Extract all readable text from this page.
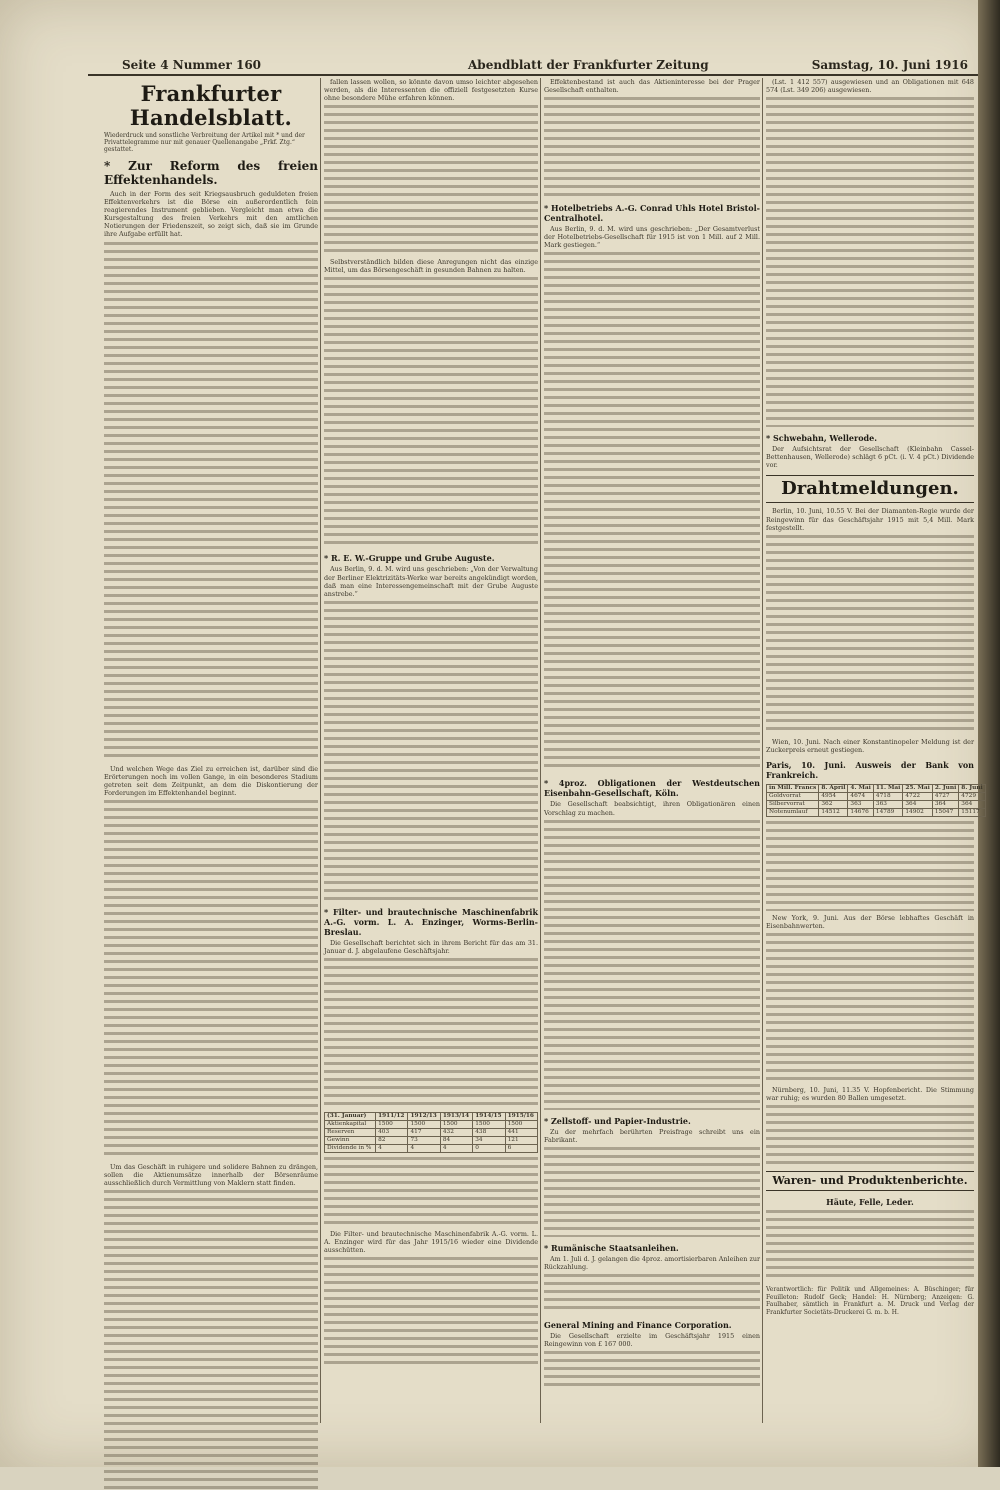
Seite 4 Nummer 160	Abendblatt der Frankfurter Zeitung	Samstag, 10. Juni 1916
Frankfurter Handelsblatt.
Wiederdruck und sonstliche Verbreitung der Artikel mit * und der Privattelegramme nur mit genauer Quellenangabe „Frkf. Ztg.“ gestattet.
* Zur Reform des freien Effektenhandels.

Auch in der Form des seit Kriegsausbruch geduldeten freien Effektenverkehrs ist die Börse ein außerordentlich fein reagierendes Instrument geblieben. Vergleicht man etwa die Kursgestaltung des freien Verkehrs mit den amtlichen Notierungen der Friedenszeit, so zeigt sich, daß sie im Grunde ihre Aufgabe erfüllt hat.

Und welchen Wege das Ziel zu erreichen ist, darüber sind die Erörterungen noch im vollen Gange, in ein besonderes Stadium getreten seit dem Zeitpunkt, an dem die Diskontierung der Forderungen im Effektenhandel beginnt.

Um das Geschäft in ruhigere und solidere Bahnen zu drängen, sollen die Aktienumsätze innerhalb der Börsenräume ausschließlich durch Vermittlung von Maklern statt finden.

fallen lassen wollen, so könnte davon umso leichter abgesehen werden, als die Interessenten die offiziell festgesetzten Kurse ohne besondere Mühe erfahren können.

Selbstverständlich bilden diese Anregungen nicht das einzige Mittel, um das Börsengeschäft in gesunden Bahnen zu halten.

* R. E. W.-Gruppe und Grube Auguste.

Aus Berlin, 9. d. M. wird uns geschrieben: „Von der Verwaltung der Berliner Elektrizitäts-Werke war bereits angekündigt worden, daß man eine Interessengemeinschaft mit der Grube Auguste anstrebe.“

* Filter- und brautechnische Maschinenfabrik A.-G. vorm. L. A. Enzinger, Worms-Berlin-Breslau.

Die Gesellschaft berichtet sich in ihrem Bericht für das am 31. Januar d. J. abgelaufene Geschäftsjahr.

(31. Januar)	1911/12	1912/13	1913/14	1914/15	1915/16
Aktienkapital	1500	1500	1500	1500	1500
Reserven	403	417	432	438	441
Gewinn	82	73	84	34	121
Dividende in %	4	4	4	0	6

Die Filter- und brautechnische Maschinenfabrik A.-G. vorm. L. A. Enzinger wird für das Jahr 1915/16 wieder eine Dividende ausschütten.

Effektenbestand ist auch das Aktieninteresse bei der Prager Gesellschaft enthalten.

* Hotelbetriebs A.-G. Conrad Uhls Hotel Bristol-Centralhotel.

Aus Berlin, 9. d. M. wird uns geschrieben: „Der Gesamtverlust der Hotelbetriebs-Gesellschaft für 1915 ist von 1 Mill. auf 2 Mill. Mark gestiegen.“

* 4proz. Obligationen der Westdeutschen Eisenbahn-Gesellschaft, Köln.

Die Gesellschaft beabsichtigt, ihren Obligationären einen Vorschlag zu machen.

* Zellstoff- und Papier-Industrie.

Zu der mehrfach berührten Preisfrage schreibt uns ein Fabrikant.

* Rumänische Staatsanleihen.

Am 1. Juli d. J. gelangen die 4proz. amortisierbaren Anleihen zur Rückzahlung.

General Mining and Finance Corporation.

Die Gesellschaft erzielte im Geschäftsjahr 1915 einen Reingewinn von £ 167 000.

(Lst. 1 412 557) ausgewiesen und an Obligationen mit 648 574 (Lst. 349 206) ausgewiesen.

* Schwebahn, Wellerode.

Der Aufsichtsrat der Gesellschaft (Kleinbahn Cassel-Bettenhausen, Wellerode) schlägt 6 pCt. (i. V. 4 pCt.) Dividende vor.

Drahtmeldungen.

Berlin, 10. Juni, 10.55 V. Bei der Diamanten-Regie wurde der Reingewinn für das Geschäftsjahr 1915 mit 5,4 Mill. Mark festgestellt.

Wien, 10. Juni. Nach einer Konstantinopeler Meldung ist der Zuckerpreis erneut gestiegen.

Paris, 10. Juni. Ausweis der Bank von Frankreich.
in Mill. Francs	8. April	4. Mai	11. Mai	25. Mai	2. Juni	8. Juni
Goldvorrat	4954	4674	4718	4722	4727	4729
Silbervorrat	362	363	363	364	364	364
Notenumlauf	14512	14676	14789	14902	15047	15117

New York, 9. Juni. Aus der Börse lebhaftes Geschäft in Eisenbahnwerten.

Nürnberg, 10. Juni, 11.35 V. Hopfenbericht. Die Stimmung war ruhig; es wurden 80 Ballen umgesetzt.

Waren- und Produktenberichte.
Häute, Felle, Leder.
Verantwortlich: für Politik und Allgemeines: A. Büschinger; für Feuilleton: Rudolf Geck; Handel: H. Nürnberg; Anzeigen: G. Faulhaber, sämtlich in Frankfurt a. M. Druck und Verlag der Frankfurter Societäts-Druckerei G. m. b. H.
